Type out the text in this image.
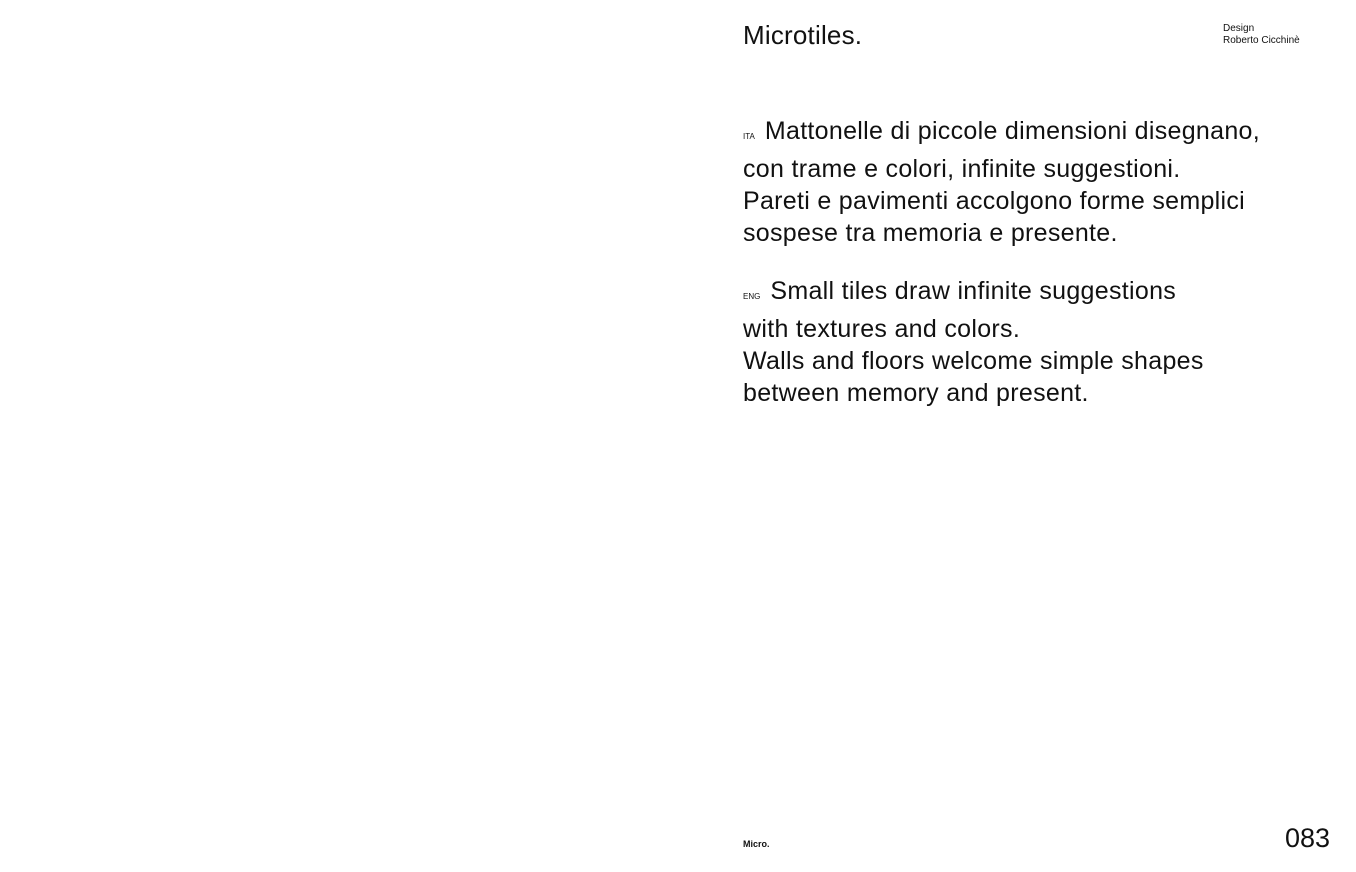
Microtiles.	Design
Roberto Cicchinè

ITA Mattonelle di piccole dimensioni disegnano,
con trame e colori, infinite suggestioni.
Pareti e pavimenti accolgono forme semplici
sospese tra memoria e presente.

ENG Small tiles draw infinite suggestions
with textures and colors.
Walls and floors welcome simple shapes
between memory and present.

Micro.	083
